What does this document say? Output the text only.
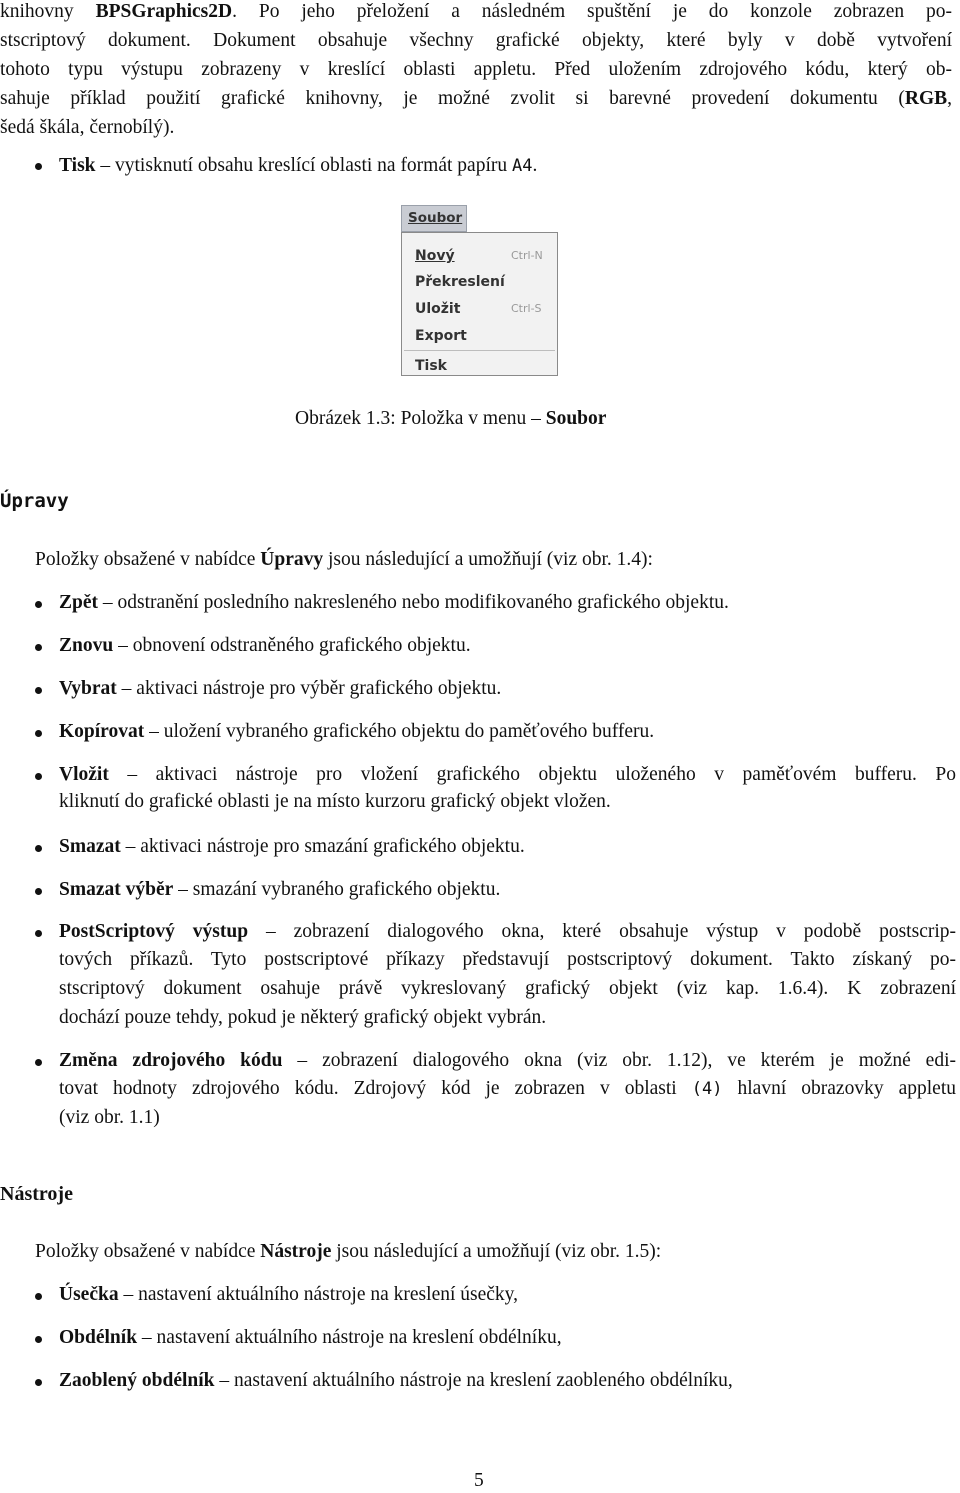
knihovny BPSGraphics2D. Po jeho přeložení a následném spuštění je do konzole zobrazen po-
stscriptový dokument. Dokument obsahuje všechny grafické objekty, které byly v době vytvoření
tohoto typu výstupu zobrazeny v kreslící oblasti appletu. Před uložením zdrojového kódu, který ob-
sahuje příklad použití grafické knihovny, je možné zvolit si barevné provedení dokumentu (RGB,
šedá škála, černobílý).
Tisk – vytisknutí obsahu kreslící oblasti na formát papíru A4.
Soubor
Nový	Ctrl-N
Překreslení
Uložit	Ctrl-S
Export
Tisk
Obrázek 1.3: Položka v menu – Soubor
Úpravy
Položky obsažené v nabídce Úpravy jsou následující a umožňují (viz obr. 1.4):
Zpět – odstranění posledního nakresleného nebo modifikovaného grafického objektu.
Znovu – obnovení odstraněného grafického objektu.
Vybrat – aktivaci nástroje pro výběr grafického objektu.
Kopírovat – uložení vybraného grafického objektu do paměťového bufferu.
Vložit – aktivaci nástroje pro vložení grafického objektu uloženého v paměťovém bufferu. Po
kliknutí do grafické oblasti je na místo kurzoru grafický objekt vložen.
Smazat – aktivaci nástroje pro smazání grafického objektu.
Smazat výběr – smazání vybraného grafického objektu.
PostScriptový výstup – zobrazení dialogového okna, které obsahuje výstup v podobě postscrip-
tových příkazů. Tyto postscriptové příkazy představují postscriptový dokument. Takto získaný po-
stscriptový dokument osahuje právě vykreslovaný grafický objekt (viz kap. 1.6.4). K zobrazení
dochází pouze tehdy, pokud je některý grafický objekt vybrán.
Změna zdrojového kódu – zobrazení dialogového okna (viz obr. 1.12), ve kterém je možné edi-
tovat hodnoty zdrojového kódu. Zdrojový kód je zobrazen v oblasti (4) hlavní obrazovky appletu
(viz obr. 1.1)
Nástroje
Položky obsažené v nabídce Nástroje jsou následující a umožňují (viz obr. 1.5):
Úsečka – nastavení aktuálního nástroje na kreslení úsečky,
Obdélník – nastavení aktuálního nástroje na kreslení obdélníku,
Zaoblený obdélník – nastavení aktuálního nástroje na kreslení zaobleného obdélníku,
5
